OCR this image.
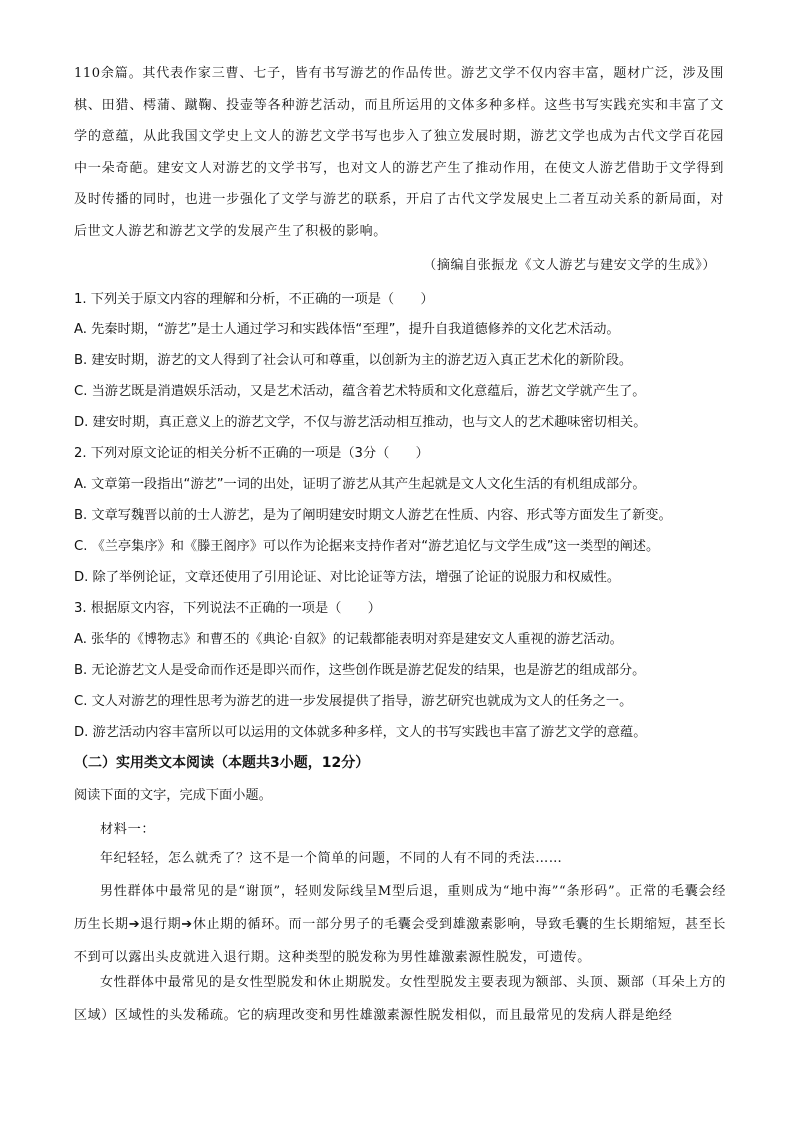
110余篇。其代表作家三曹、七子，皆有书写游艺的作品传世。游艺文学不仅内容丰富，题材广泛，涉及围棋、田猎、樗蒲、蹴鞠、投壶等各种游艺活动，而且所运用的文体多种多样。这些书写实践充实和丰富了文学的意蕴，从此我国文学史上文人的游艺文学书写也步入了独立发展时期，游艺文学也成为古代文学百花园中一朵奇葩。建安文人对游艺的文学书写，也对文人的游艺产生了推动作用，在使文人游艺借助于文学得到及时传播的同时，也进一步强化了文学与游艺的联系，开启了古代文学发展史上二者互动关系的新局面，对后世文人游艺和游艺文学的发展产生了积极的影响。

（摘编自张振龙《文人游艺与建安文学的生成》）

1. 下列关于原文内容的理解和分析，不正确的一项是（　　）

A. 先秦时期，“游艺”是士人通过学习和实践体悟“至理”，提升自我道德修养的文化艺术活动。

B. 建安时期，游艺的文人得到了社会认可和尊重，以创新为主的游艺迈入真正艺术化的新阶段。

C. 当游艺既是消遣娱乐活动，又是艺术活动，蕴含着艺术特质和文化意蕴后，游艺文学就产生了。

D. 建安时期，真正意义上的游艺文学，不仅与游艺活动相互推动，也与文人的艺术趣味密切相关。

2. 下列对原文论证的相关分析不正确的一项是（3分（　　）

A. 文章第一段指出“游艺”一词的出处，证明了游艺从其产生起就是文人文化生活的有机组成部分。

B. 文章写魏晋以前的士人游艺，是为了阐明建安时期文人游艺在性质、内容、形式等方面发生了新变。

C. 《兰亭集序》和《滕王阁序》可以作为论据来支持作者对“游艺追忆与文学生成”这一类型的阐述。

D. 除了举例论证，文章还使用了引用论证、对比论证等方法，增强了论证的说服力和权威性。

3. 根据原文内容，下列说法不正确的一项是（　　）

A. 张华的《博物志》和曹丕的《典论·自叙》的记载都能表明对弈是建安文人重视的游艺活动。

B. 无论游艺文人是受命而作还是即兴而作，这些创作既是游艺促发的结果，也是游艺的组成部分。

C. 文人对游艺的理性思考为游艺的进一步发展提供了指导，游艺研究也就成为文人的任务之一。

D. 游艺活动内容丰富所以可以运用的文体就多种多样，文人的书写实践也丰富了游艺文学的意蕴。

（二）实用类文本阅读（本题共3小题，12分）

阅读下面的文字，完成下面小题。

材料一：

年纪轻轻，怎么就秃了？这不是一个简单的问题，不同的人有不同的秃法……

男性群体中最常见的是“谢顶”，轻则发际线呈M型后退，重则成为“地中海”“条形码”。正常的毛囊会经历生长期➔退行期➔休止期的循环。而一部分男子的毛囊会受到雄激素影响，导致毛囊的生长期缩短，甚至长不到可以露出头皮就进入退行期。这种类型的脱发称为男性雄激素源性脱发，可遗传。

女性群体中最常见的是女性型脱发和休止期脱发。女性型脱发主要表现为额部、头顶、颞部（耳朵上方的区域）区域性的头发稀疏。它的病理改变和男性雄激素源性脱发相似，而且最常见的发病人群是绝经
